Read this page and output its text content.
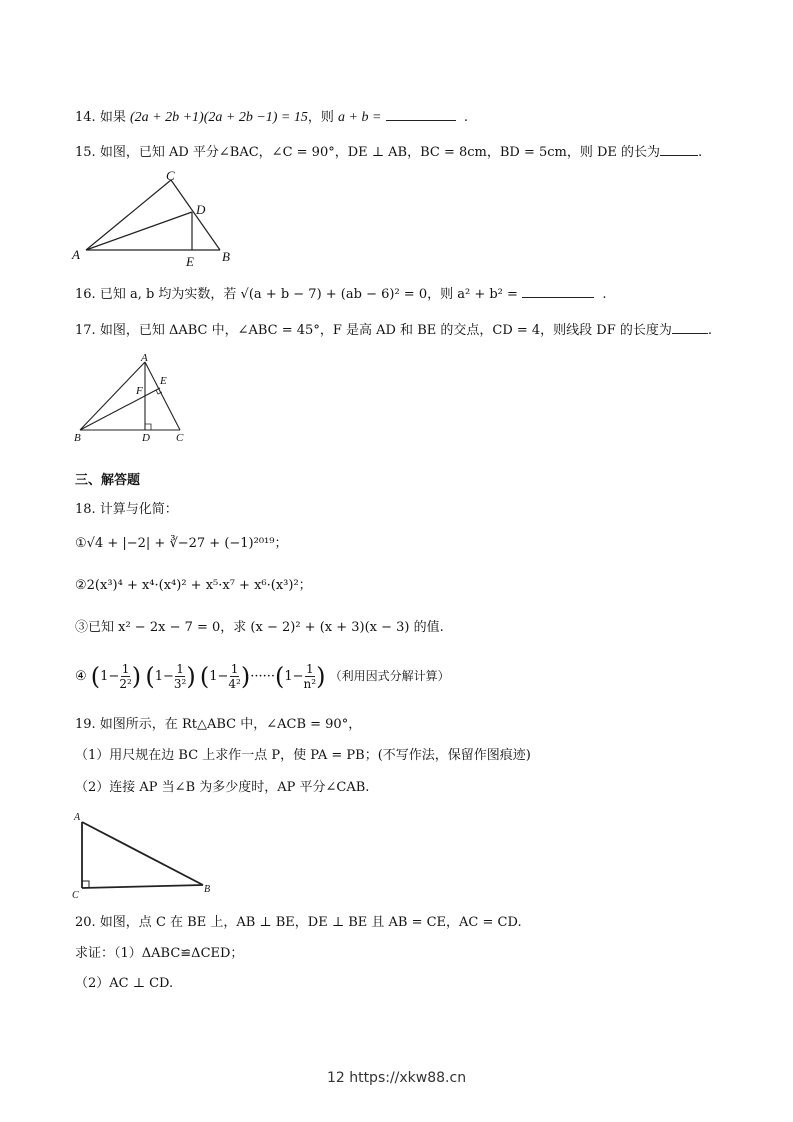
14. 如果 (2a + 2b +1)(2a + 2b −1) = 15，则 a + b =	.
15. 如图，已知 AD 平分∠BAC，∠C = 90°，DE ⊥ AB，BC = 8cm，BD = 5cm，则 DE 的长为	.
C
D
A	E B
16. 已知 a, b 均为实数，若 √(a + b − 7) + (ab − 6)² = 0，则 a² + b² =	.
17. 如图，已知 ΔABC 中，∠ABC = 45°，F 是高 AD 和 BE 的交点，CD = 4，则线段 DF 的长度为	.
A
E
F
B	D C
三、解答题
18. 计算与化简：
①√4 + |−2| + ∛−27 + (−1)²⁰¹⁹；
②2(x³)⁴ + x⁴·(x⁴)² + x⁵·x⁷ + x⁶·(x³)²；
③已知 x² − 2x − 7 = 0，求 (x − 2)² + (x + 3)(x − 3) 的值.
④ ($1- \frac{1}{\text{2²}}$ ) ($1- \frac{1}{\text{3²}}$ ) $(1- \frac{1}{\text{4²}} )\cdot\cdot\cdot\cdot\cdot\cdot(1- \frac{1}{\text{n²}}$ ) （利用因式分解计算）
19. 如图所示，在 Rt△ABC 中，∠ACB = 90°，
（1）用尺规在边 BC 上求作一点 P，使 PA = PB；(不写作法，保留作图痕迹)
（2）连接 AP 当∠B 为多少度时，AP 平分∠CAB.
A
C
B
20. 如图，点 C 在 BE 上，AB ⊥ BE，DE ⊥ BE 且 AB = CE，AC = CD.
求证：（1）ΔABC≌ΔCED；
（2）AC ⊥ CD.
12 https://xkw88.cn
